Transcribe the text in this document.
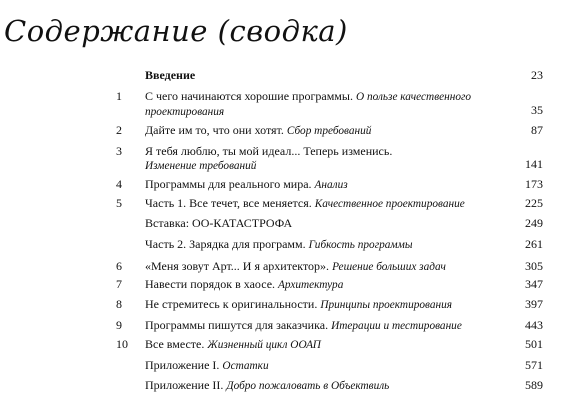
Содержание (сводка)
Введение	23
1	С чего начинаются хорошие программы. О пользе качественного
проектирования	35
2	Дайте им то, что они хотят. Сбор требований	87
3	Я тебя люблю, ты мой идеал... Теперь изменись.
Изменение требований	141
4	Программы для реального мира. Анализ	173
5	Часть 1. Все течет, все меняется. Качественное проектирование	225
Вставка: ОО-КАТАСТРОФА	249
Часть 2. Зарядка для программ. Гибкость программы	261
6	«Меня зовут Арт... И я архитектор». Решение больших задач	305
7	Навести порядок в хаосе. Архитектура	347
8	Не стремитесь к оригинальности. Принципы проектирования	397
9	Программы пишутся для заказчика. Итерации и тестирование	443
10	Все вместе. Жизненный цикл ООАП	501
Приложение I. Остатки	571
Приложение II. Добро пожаловать в Объектвиль	589
